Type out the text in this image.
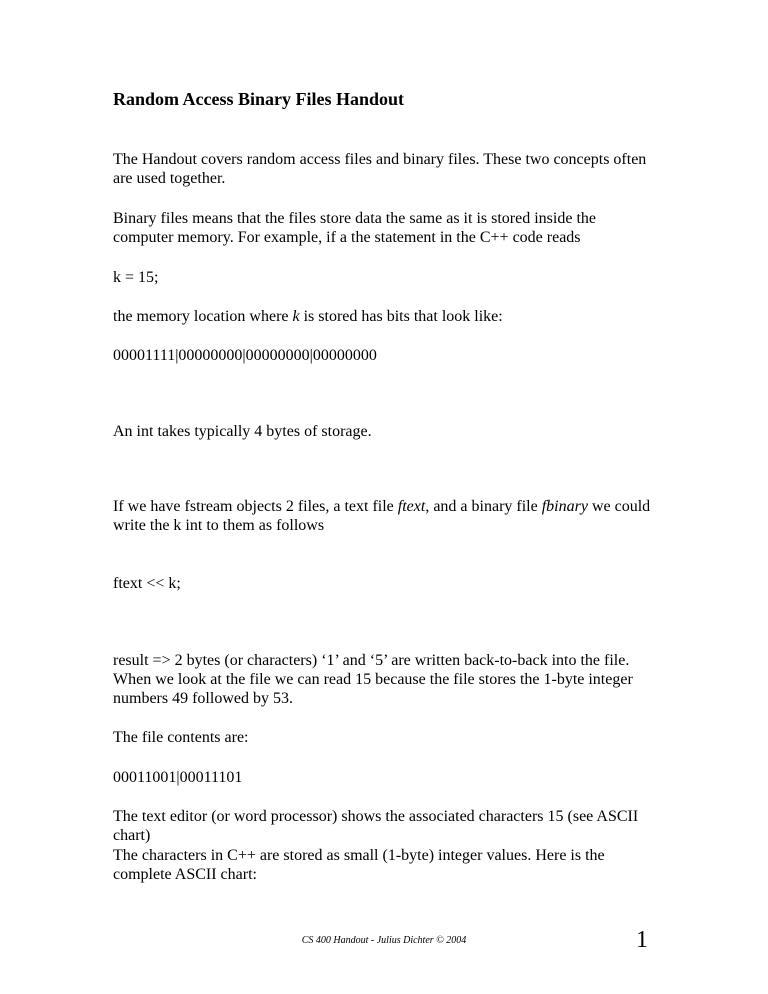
Random Access Binary Files Handout

The Handout covers random access files and binary files. These two concepts often are used together.

Binary files means that the files store data the same as it is stored inside the computer memory. For example, if a the statement in the C++ code reads

k = 15;

the memory location where k is stored has bits that look like:

00001111|00000000|00000000|00000000

An int takes typically 4 bytes of storage.

If we have fstream objects 2 files, a text file ftext, and a binary file fbinary we could write the k int to them as follows

ftext << k;

result => 2 bytes (or characters) ‘1’ and ‘5’ are written back-to-back into the file. When we look at the file we can read 15 because the file stores the 1-byte integer numbers 49 followed by 53.

The file contents are:

00011001|00011101

The text editor (or word processor) shows the associated characters 15 (see ASCII chart)

The characters in C++ are stored as small (1-byte) integer values. Here is the complete ASCII chart:

CS 400 Handout - Julius Dichter © 2004	1
